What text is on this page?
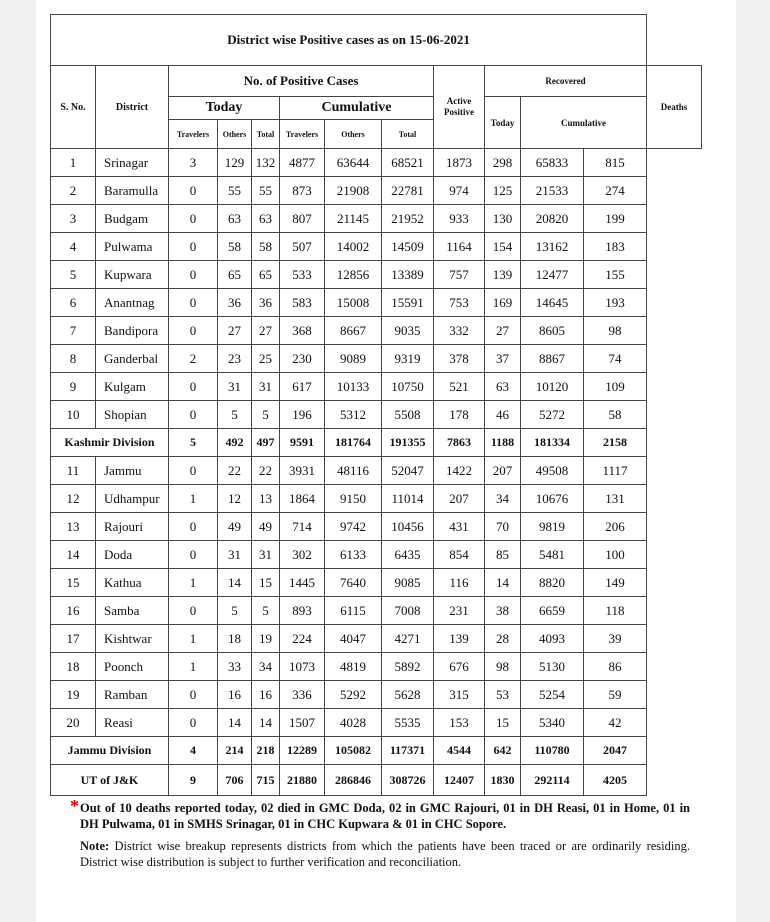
District wise Positive cases as on 15-06-2021												
S. No.	District	No. of Positive Cases						Active Positive	Recovered			Deaths
		Today			Cumulative				Today	Cumulative		
		Travelers	Others	Total	Travelers	Others	Total					
1	Srinagar	3	129	132	4877	63644	68521	1873	298	65833	815	
2	Baramulla	0	55	55	873	21908	22781	974	125	21533	274	
3	Budgam	0	63	63	807	21145	21952	933	130	20820	199	
4	Pulwama	0	58	58	507	14002	14509	1164	154	13162	183	
5	Kupwara	0	65	65	533	12856	13389	757	139	12477	155	
6	Anantnag	0	36	36	583	15008	15591	753	169	14645	193	
7	Bandipora	0	27	27	368	8667	9035	332	27	8605	98	
8	Ganderbal	2	23	25	230	9089	9319	378	37	8867	74	
9	Kulgam	0	31	31	617	10133	10750	521	63	10120	109	
10	Shopian	0	5	5	196	5312	5508	178	46	5272	58	
Kashmir Division		5	492	497	9591	181764	191355	7863	1188	181334	2158	
11	Jammu	0	22	22	3931	48116	52047	1422	207	49508	1117	
12	Udhampur	1	12	13	1864	9150	11014	207	34	10676	131	
13	Rajouri	0	49	49	714	9742	10456	431	70	9819	206	
14	Doda	0	31	31	302	6133	6435	854	85	5481	100	
15	Kathua	1	14	15	1445	7640	9085	116	14	8820	149	
16	Samba	0	5	5	893	6115	7008	231	38	6659	118	
17	Kishtwar	1	18	19	224	4047	4271	139	28	4093	39	
18	Poonch	1	33	34	1073	4819	5892	676	98	5130	86	
19	Ramban	0	16	16	336	5292	5628	315	53	5254	59	
20	Reasi	0	14	14	1507	4028	5535	153	15	5340	42	
Jammu Division		4	214	218	12289	105082	117371	4544	642	110780	2047	
UT of J&K		9	706	715	21880	286846	308726	12407	1830	292114	4205	
* Out of 10 deaths reported today, 02 died in GMC Doda, 02 in GMC Rajouri, 01 in DH Reasi, 01 in Home, 01 in DH Pulwama, 01 in SMHS Srinagar, 01 in CHC Kupwara & 01 in CHC Sopore.

Note: District wise breakup represents districts from which the patients have been traced or are ordinarily residing. District wise distribution is subject to further verification and reconciliation.
